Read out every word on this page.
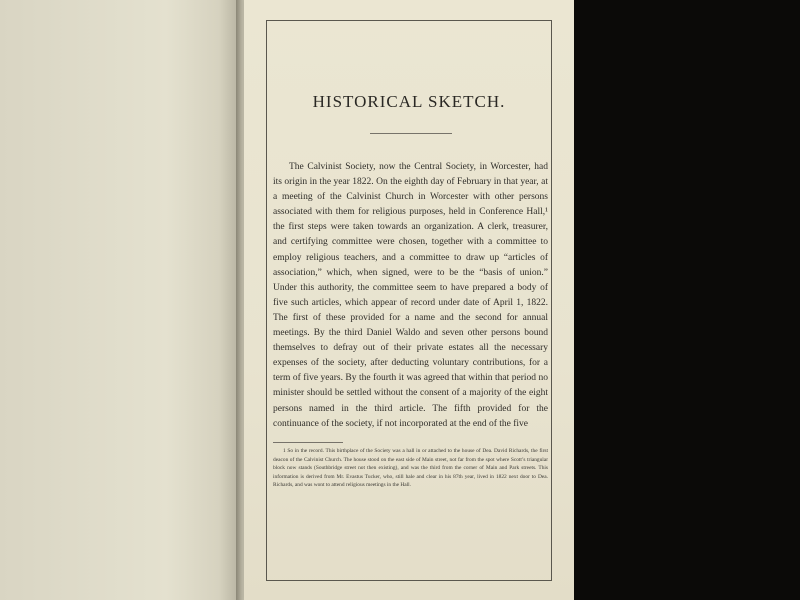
HISTORICAL SKETCH.

The Calvinist Society, now the Central Society, in Worcester, had its origin in the year 1822. On the eighth day of February in that year, at a meeting of the Calvinist Church in Worcester with other persons associated with them for religious purposes, held in Conference Hall,¹ the first steps were taken towards an organization. A clerk, treasurer, and certifying committee were chosen, together with a committee to employ religious teachers, and a committee to draw up “articles of association,” which, when signed, were to be the “basis of union.” Under this authority, the committee seem to have prepared a body of five such articles, which appear of record under date of April 1, 1822. The first of these provided for a name and the second for annual meetings. By the third Daniel Waldo and seven other persons bound themselves to defray out of their private estates all the necessary expenses of the society, after deducting voluntary contributions, for a term of five years. By the fourth it was agreed that within that period no minister should be settled without the consent of a majority of the eight persons named in the third article. The fifth provided for the continuance of the society, if not incorporated at the end of the five

1 So in the record. This birthplace of the Society was a hall in or attached to the house of Dea. David Richards, the first deacon of the Calvinist Church. The house stood on the east side of Main street, not far from the spot where Scott’s triangular block now stands (Southbridge street not then existing), and was the third from the corner of Main and Park streets. This information is derived from Mr. Evastus Tucker, who, still hale and clear in his 87th year, lived in 1822 next door to Dea. Richards, and was wont to attend religious meetings in the Hall.
